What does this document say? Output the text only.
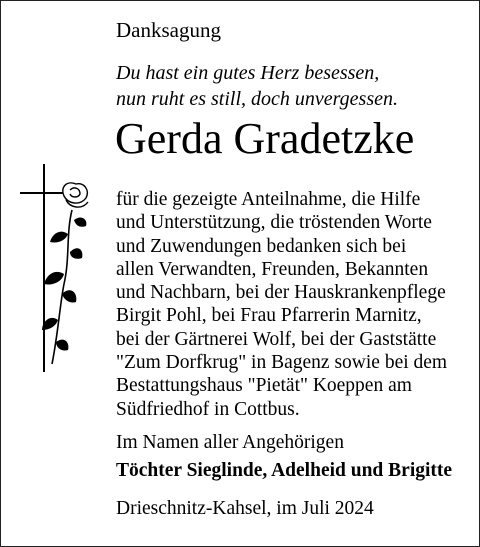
Danksagung
Du hast ein gutes Herz besessen,
nun ruht es still, doch unvergessen.
Gerda Gradetzke
für die gezeigte Anteilnahme, die Hilfe
und Unterstützung, die tröstenden Worte
und Zuwendungen bedanken sich bei
allen Verwandten, Freunden, Bekannten
und Nachbarn, bei der Hauskrankenpflege
Birgit Pohl, bei Frau Pfarrerin Marnitz,
bei der Gärtnerei Wolf, bei der Gaststätte
"Zum Dorfkrug" in Bagenz sowie bei dem
Bestattungshaus "Pietät" Koeppen am
Südfriedhof in Cottbus.
Im Namen aller Angehörigen
Töchter Sieglinde, Adelheid und Brigitte
Drieschnitz-Kahsel, im Juli 2024
